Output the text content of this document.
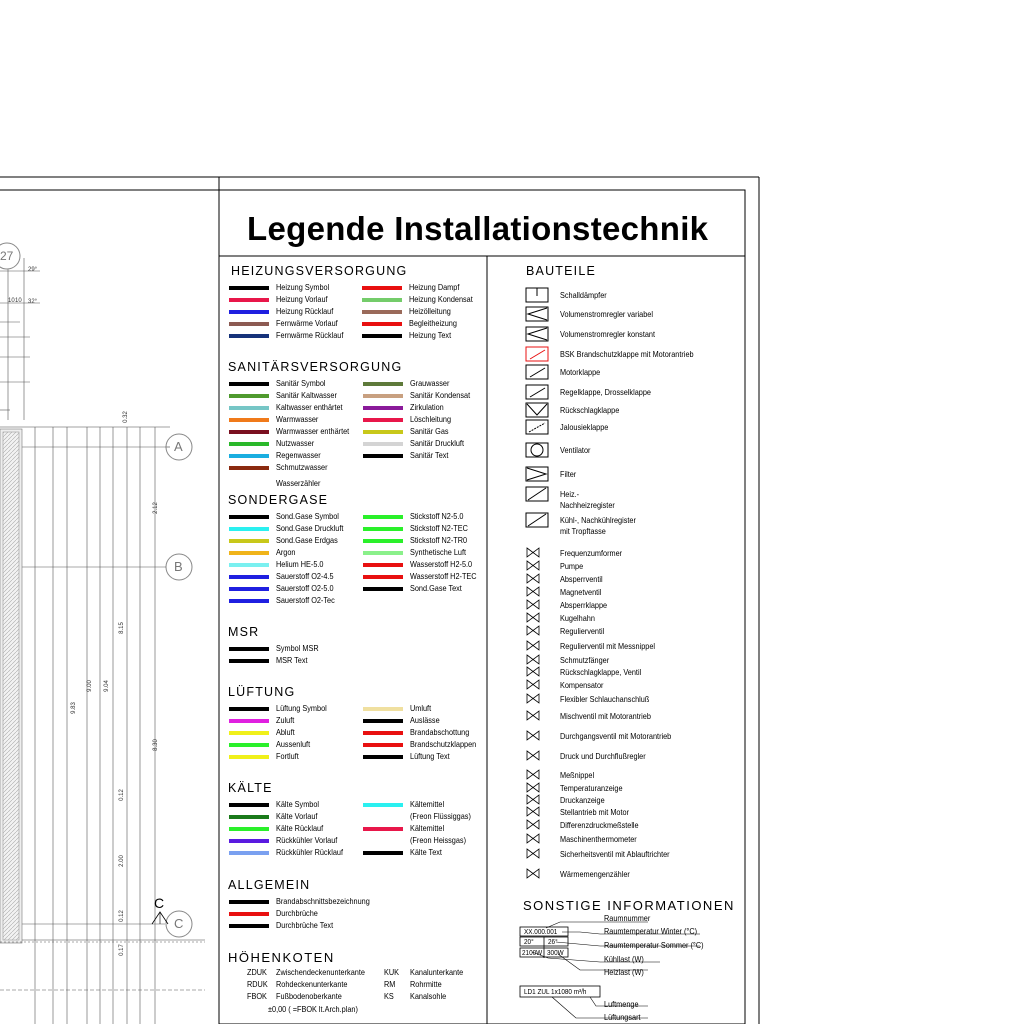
Legende Installationstechnik
A
B
C
27
C
29°
32°
0.32
10 10
2.12
8.15
9.00 9.04
9.83
8.30
0.12
2.00
0.12
0.17
HEIZUNGSVERSORGUNG
Heizung Symbol
Heizung Vorlauf
Heizung Rücklauf
Fernwärme Vorlauf
Fernwärme Rücklauf
Heizung Dampf
Heizung Kondensat
Heizölleitung
Begleitheizung
Heizung Text
SANITÄRSVERSORGUNG
Sanitär Symbol
Sanitär Kaltwasser
Kaltwasser enthärtet
Warmwasser
Warmwasser enthärtet
Nutzwasser
Regenwasser
Schmutzwasser
Wasserzähler
Grauwasser
Sanitär Kondensat
Zirkulation
Löschleitung
Sanitär Gas
Sanitär Druckluft
Sanitär Text
SONDERGASE
Sond.Gase Symbol
Sond.Gase Druckluft
Sond.Gase Erdgas
Argon
Helium HE-5.0
Sauerstoff O2-4.5
Sauerstoff O2-5.0
Sauerstoff O2-Tec
Stickstoff N2-5.0
Stickstoff N2-TEC
Stickstoff N2-TR0
Synthetische Luft
Wasserstoff H2-5.0
Wasserstoff H2-TEC
Sond.Gase Text
MSR
Symbol MSR
MSR Text
LÜFTUNG
Lüftung Symbol
Zuluft
Abluft
Aussenluft
Fortluft
Umluft
Auslässe
Brandabschottung
Brandschutzklappen
Lüftung Text
KÄLTE
Kälte Symbol
Kälte Vorlauf
Kälte Rücklauf
Rückkühler Vorlauf
Rückkühler Rücklauf
Kältemittel
(Freon Flüssiggas)
Kältemittel
(Freon Heissgas)
Kälte Text
ALLGEMEIN
Brandabschnittsbezeichnung
Durchbrüche
Durchbrüche Text
HÖHENKOTEN
ZDUK Zwischendeckenunterkante
RDUK Rohdeckenunterkante
FBOK Fußbodenoberkante
KUK Kanalunterkante
RM Rohrmitte
KS Kanalsohle
±0,00 ( =FBOK lt.Arch.plan)
BAUTEILE
Schalldämpfer
Volumenstromregler variabel
Volumenstromregler konstant
BSK Brandschutzklappe mit Motorantrieb
Motorklappe
Regelklappe, Drosselklappe
Rückschlagklappe
Jalousieklappe
Ventilator
Filter
Heiz.-
Nachheizregister
Kühl-, Nachkühlregister
mit Tropftasse
Frequenzumformer
Pumpe
Absperrventil
Magnetventil
Absperrklappe
Kugelhahn
Regulierventil
Regulierventil mit Messnippel
Schmutzfänger
Rückschlagklappe, Ventil
Kompensator
Flexibler Schlauchanschluß
Mischventil mit Motorantrieb
Durchgangsventil mit Motorantrieb
Druck und Durchflußregler
Meßnippel
Temperaturanzeige
Druckanzeige
Stellantrieb mit Motor
Differenzdruckmeßstelle
Maschinenthermometer
Sicherheitsventil mit Ablauftrichter
Wärmemengenzähler
SONSTIGE INFORMATIONEN
XX.000.001
20° 26°
2100W 300W
Raumnummer
Raumtemperatur Winter (°C)
Raumtemperatur Sommer (°C)
Kühllast (W)
Heizlast (W)
LD1 ZUL 1x1080 m³/h
Luftmenge
Lüftungsart
